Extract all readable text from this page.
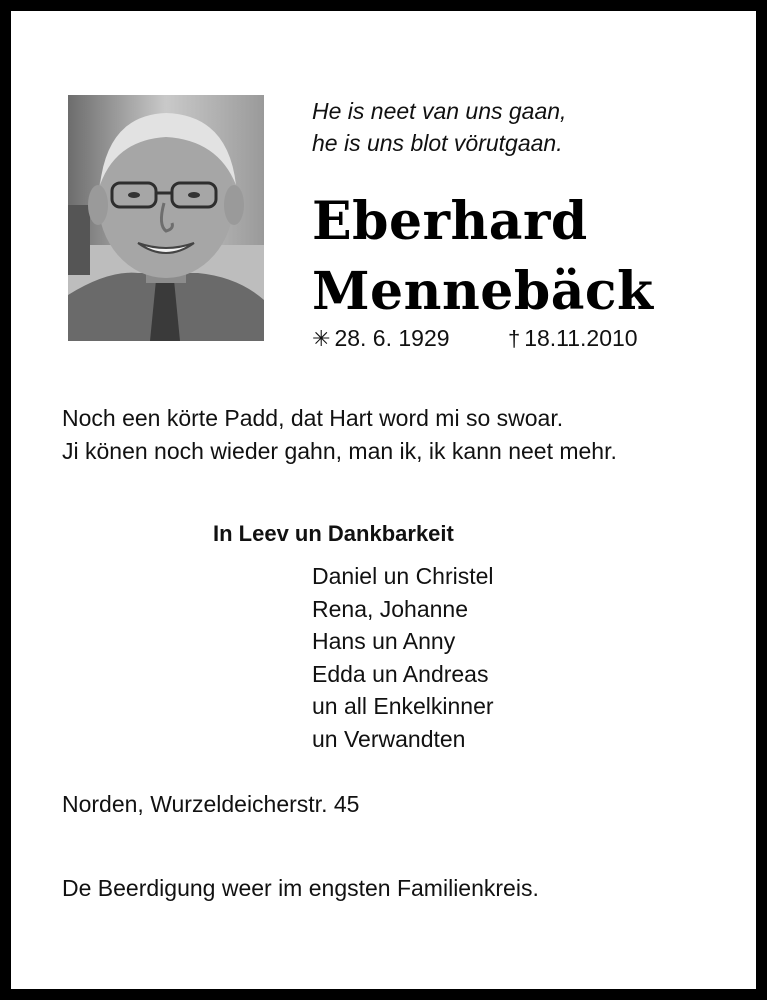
He is neet van uns gaan,
he is uns blot vörutgaan.
Eberhard
Mennebäck
✳ 28. 6. 1929	† 18.11.2010
Noch een körte Padd, dat Hart word mi so swoar.
Ji könen noch wieder gahn, man ik, ik kann neet mehr.
In Leev un Dankbarkeit
Daniel un Christel
Rena, Johanne
Hans un Anny
Edda un Andreas
un all Enkelkinner
un Verwandten
Norden, Wurzeldeicherstr. 45
De Beerdigung weer im engsten Familienkreis.
